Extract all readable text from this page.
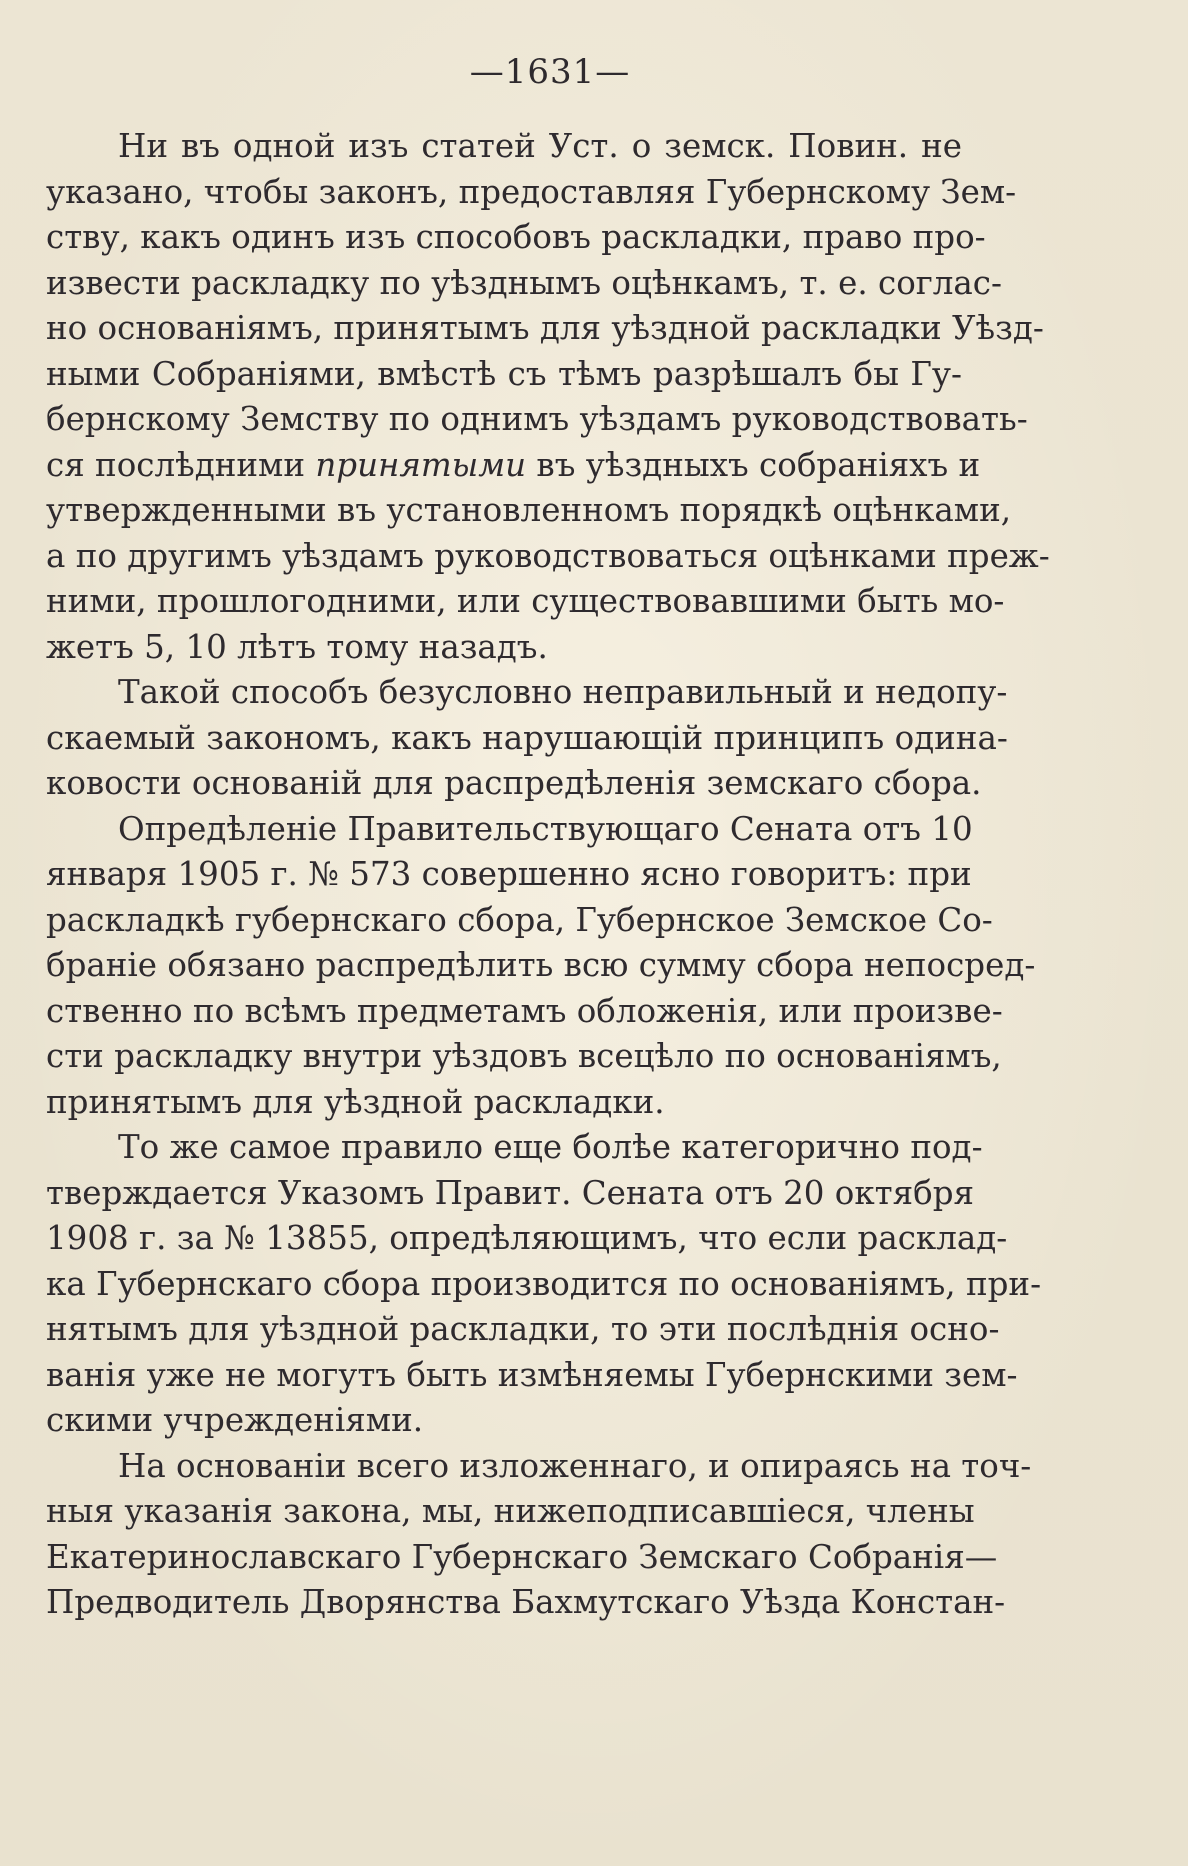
—1631—
Ни въ одной изъ статей Уст. о земск. Повин. не
указано, чтобы законъ, предоставляя Губернскому Зем-
ству, какъ одинъ изъ способовъ раскладки, право про-
извести раскладку по уѣзднымъ оцѣнкамъ, т. е. соглас-
но основаніямъ, принятымъ для уѣздной раскладки Уѣзд-
ными Собраніями, вмѣстѣ съ тѣмъ разрѣшалъ бы Гу-
бернскому Земству по однимъ уѣздамъ руководствовать-
ся послѣдними принятыми въ уѣздныхъ собраніяхъ и
утвержденными въ установленномъ порядкѣ оцѣнками,
а по другимъ уѣздамъ руководствоваться оцѣнками преж-
ними, прошлогодними, или существовавшими быть мо-
жетъ 5, 10 лѣтъ тому назадъ.
Такой способъ безусловно неправильный и недопу-
скаемый закономъ, какъ нарушающій принципъ одина-
ковости основаній для распредѣленія земскаго сбора.
Опредѣленіе Правительствующаго Сената отъ 10
января 1905 г. № 573 совершенно ясно говоритъ: при
раскладкѣ губернскаго сбора, Губернское Земское Со-
браніе обязано распредѣлить всю сумму сбора непосред-
ственно по всѣмъ предметамъ обложенія, или произве-
сти раскладку внутри уѣздовъ всецѣло по основаніямъ,
принятымъ для уѣздной раскладки.
То же самое правило еще болѣе категорично под-
тверждается Указомъ Правит. Сената отъ 20 октября
1908 г. за № 13855, опредѣляющимъ, что если расклад-
ка Губернскаго сбора производится по основаніямъ, при-
нятымъ для уѣздной раскладки, то эти послѣднія осно-
ванія уже не могутъ быть измѣняемы Губернскими зем-
скими учрежденіями.
На основаніи всего изложеннаго, и опираясь на точ-
ныя указанія закона, мы, нижеподписавшіеся, члены
Екатеринославскаго Губернскаго Земскаго Собранія—
Предводитель Дворянства Бахмутскаго Уѣзда Констан-
